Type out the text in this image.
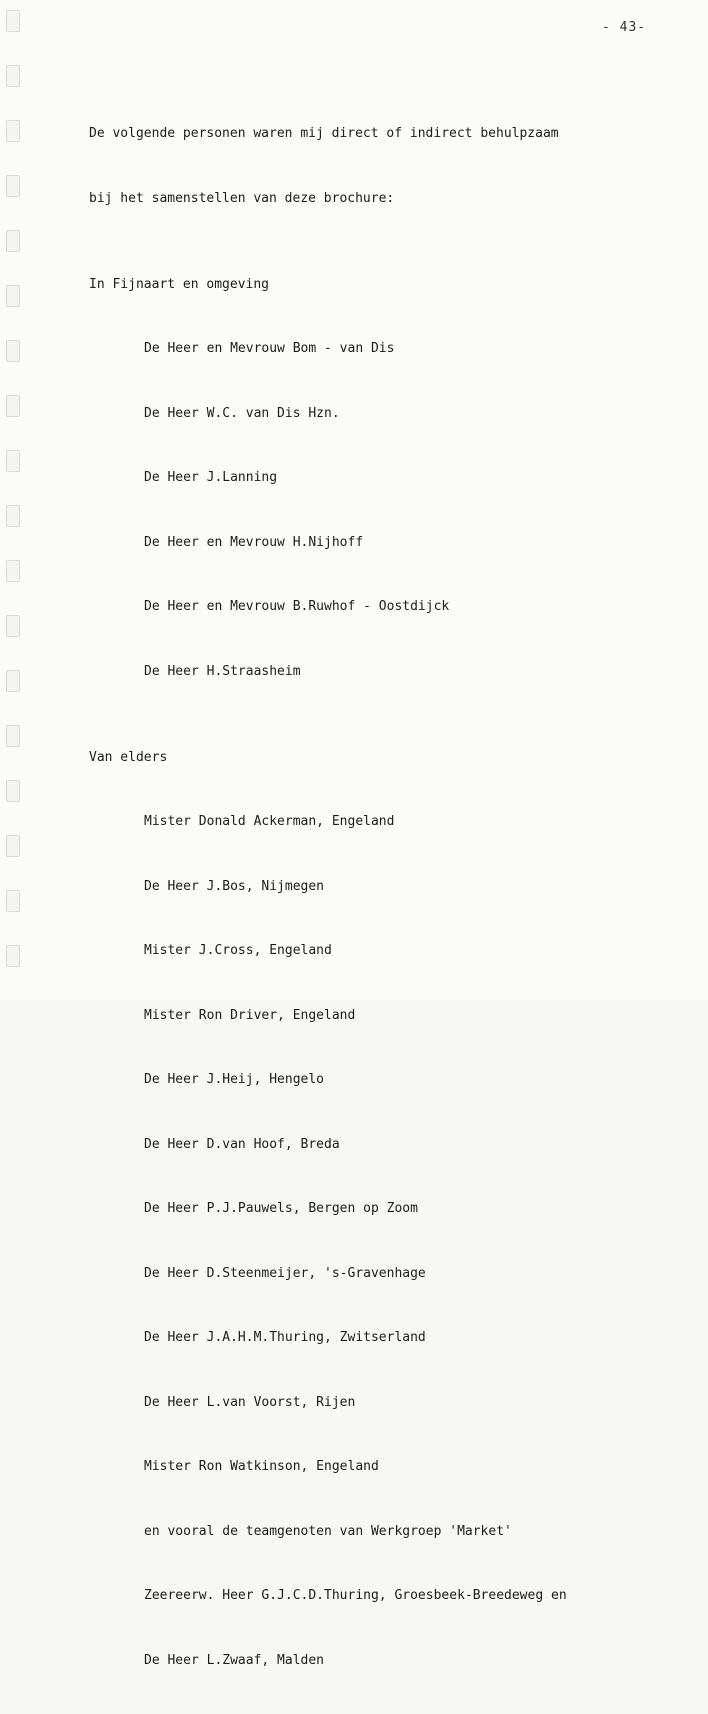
- 43-

De volgende personen waren mij direct of indirect behulpzaam

bij het samenstellen van deze brochure:

In Fijnaart en omgeving

De Heer en Mevrouw Bom - van Dis

De Heer W.C. van Dis Hzn.

De Heer J.Lanning

De Heer en Mevrouw H.Nijhoff

De Heer en Mevrouw B.Ruwhof - Oostdijck

De Heer H.Straasheim

Van elders

Mister Donald Ackerman, Engeland

De Heer J.Bos, Nijmegen

Mister J.Cross, Engeland

Mister Ron Driver, Engeland

De Heer J.Heij, Hengelo

De Heer D.van Hoof, Breda

De Heer P.J.Pauwels, Bergen op Zoom

De Heer D.Steenmeijer, 's-Gravenhage

De Heer J.A.H.M.Thuring, Zwitserland

De Heer L.van Voorst, Rijen

Mister Ron Watkinson, Engeland

en vooral de teamgenoten van Werkgroep 'Market'

Zeereerw. Heer G.J.C.D.Thuring, Groesbeek-Breedeweg en

De Heer L.Zwaaf, Malden
